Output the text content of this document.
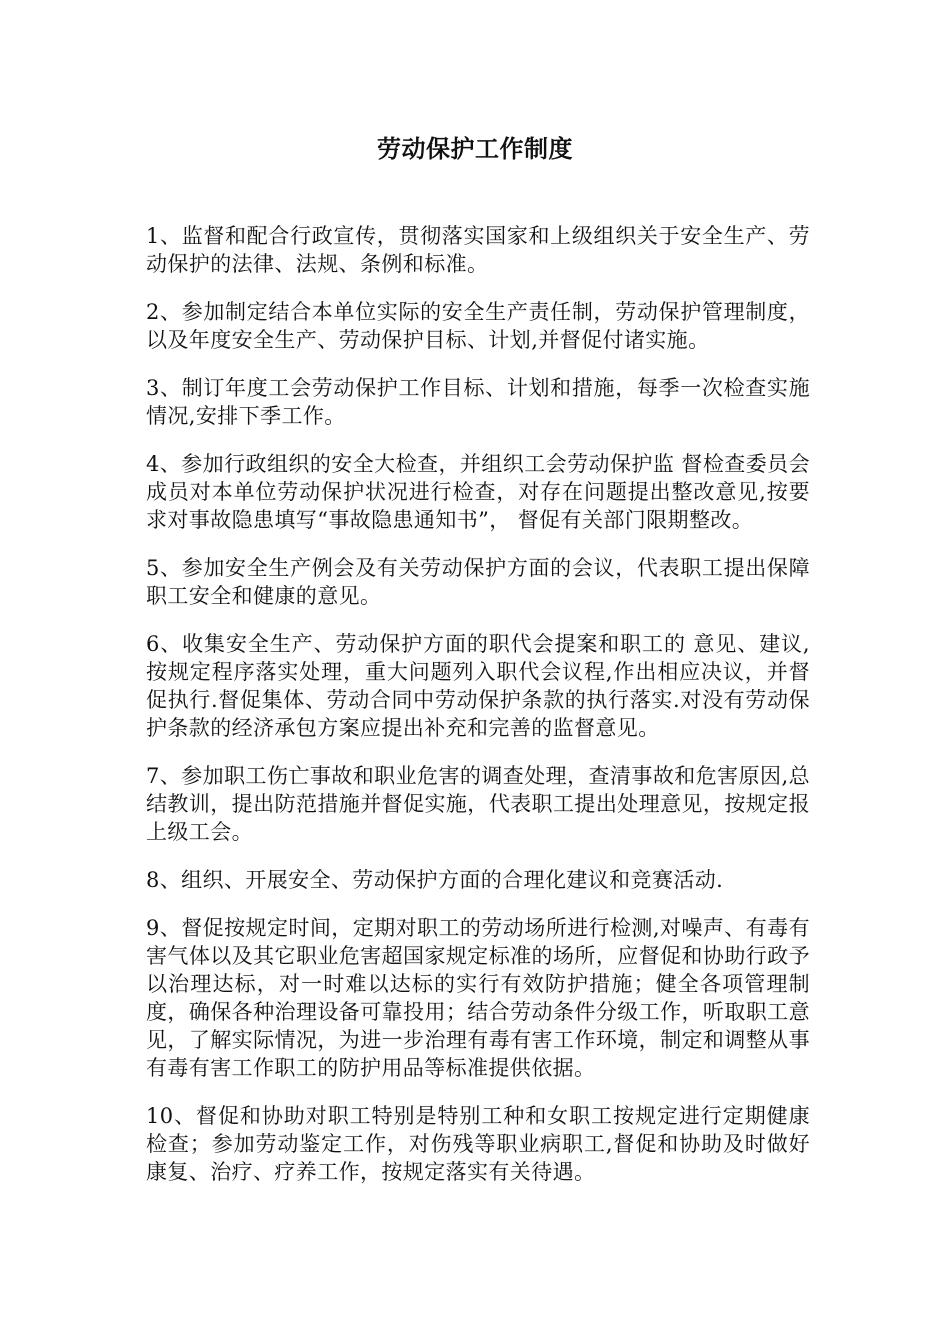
劳动保护工作制度

1、监督和配合行政宣传，贯彻落实国家和上级组织关于安全生产、劳动保护的法律、法规、条例和标准。

2、参加制定结合本单位实际的安全生产责任制，劳动保护管理制度，以及年度安全生产、劳动保护目标、计划,并督促付诸实施。

3、制订年度工会劳动保护工作目标、计划和措施，每季一次检查实施情况,安排下季工作。

4、参加行政组织的安全大检查，并组织工会劳动保护监 督检查委员会成员对本单位劳动保护状况进行检查，对存在问题提出整改意见,按要求对事故隐患填写“事故隐患通知书”， 督促有关部门限期整改。

5、参加安全生产例会及有关劳动保护方面的会议，代表职工提出保障职工安全和健康的意见。

6、收集安全生产、劳动保护方面的职代会提案和职工的 意见、建议,按规定程序落实处理，重大问题列入职代会议程,作出相应决议，并督促执行.督促集体、劳动合同中劳动保护条款的执行落实.对没有劳动保护条款的经济承包方案应提出补充和完善的监督意见。

7、参加职工伤亡事故和职业危害的调查处理，查清事故和危害原因,总结教训，提出防范措施并督促实施，代表职工提出处理意见，按规定报上级工会。

8、组织、开展安全、劳动保护方面的合理化建议和竞赛活动.

9、督促按规定时间，定期对职工的劳动场所进行检测,对噪声、有毒有害气体以及其它职业危害超国家规定标准的场所，应督促和协助行政予以治理达标，对一时难以达标的实行有效防护措施；健全各项管理制度，确保各种治理设备可靠投用；结合劳动条件分级工作，听取职工意见，了解实际情况，为进一步治理有毒有害工作环境，制定和调整从事有毒有害工作职工的防护用品等标准提供依据。

10、督促和协助对职工特别是特别工种和女职工按规定进行定期健康检查；参加劳动鉴定工作，对伤残等职业病职工,督促和协助及时做好康复、治疗、疗养工作，按规定落实有关待遇。
